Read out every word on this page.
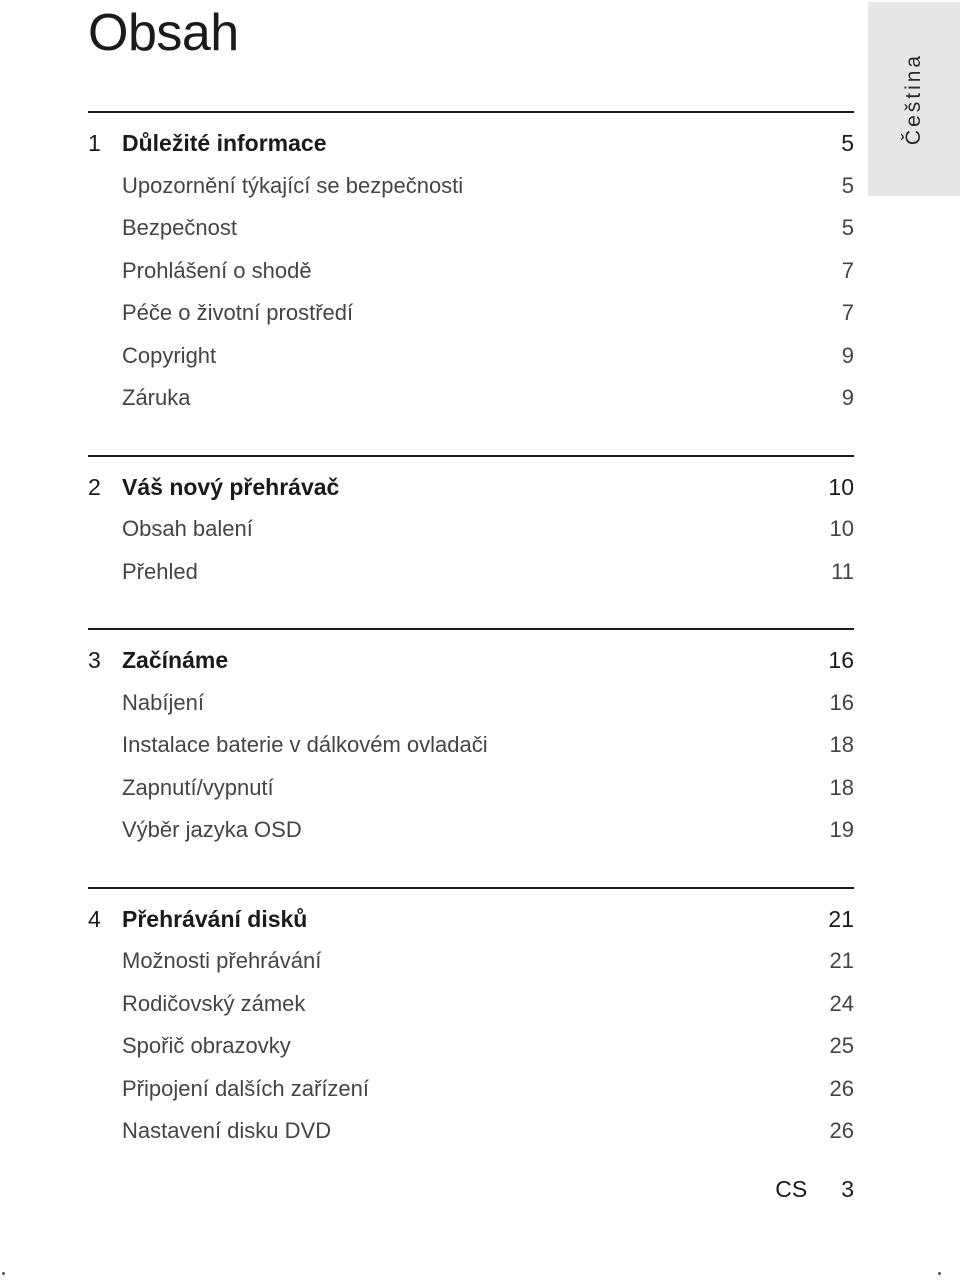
Obsah
Čeština
1 Důležité informace	5
Upozornění týkající se bezpečnosti	5
Bezpečnost	5
Prohlášení o shodě	7
Péče o životní prostředí	7
Copyright	9
Záruka	9
2 Váš nový přehrávač	10
Obsah balení	10
Přehled	11
3 Začínáme	16
Nabíjení	16
Instalace baterie v dálkovém ovladači	18
Zapnutí/vypnutí	18
Výběr jazyka OSD	19
4 Přehrávání disků	21
Možnosti přehrávání	21
Rodičovský zámek	24
Spořič obrazovky	25
Připojení dalších zařízení	26
Nastavení disku DVD	26
CS 3
